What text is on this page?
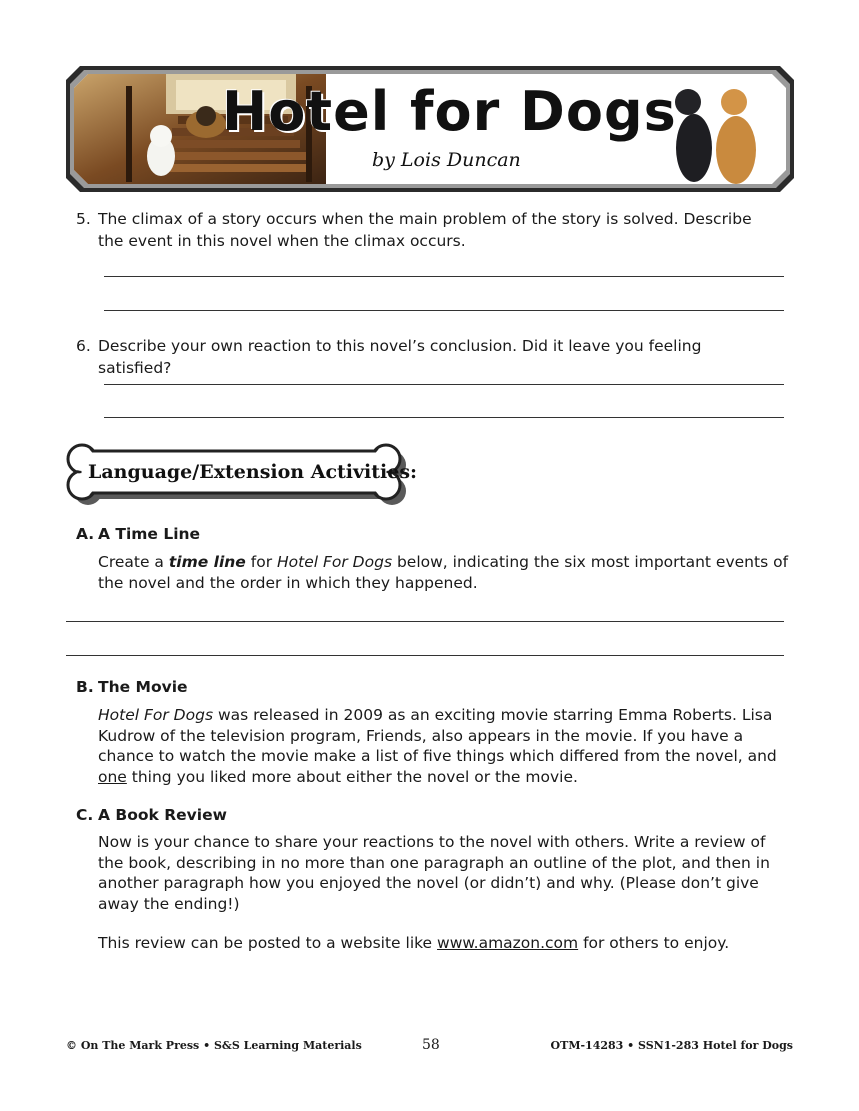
Hotel for Dogs
by Lois Duncan
5. The climax of a story occurs when the main problem of the story is solved. Describe the event in this novel when the climax occurs.
6. Describe your own reaction to this novel’s conclusion. Did it leave you feeling satisfied?
Language/Extension Activities:
A. A Time Line
Create a time line for Hotel For Dogs below, indicating the six most important events of the novel and the order in which they happened.
B. The Movie
Hotel For Dogs was released in 2009 as an exciting movie starring Emma Roberts. Lisa Kudrow of the television program, Friends, also appears in the movie. If you have a chance to watch the movie make a list of five things which differed from the novel, and one thing you liked more about either the novel or the movie.
C. A Book Review
Now is your chance to share your reactions to the novel with others. Write a review of the book, describing in no more than one paragraph an outline of the plot, and then in another paragraph how you enjoyed the novel (or didn’t) and why. (Please don’t give away the ending!)
This review can be posted to a website like www.amazon.com for others to enjoy.
© On The Mark Press • S&S Learning Materials	58	OTM-14283 • SSN1-283 Hotel for Dogs
